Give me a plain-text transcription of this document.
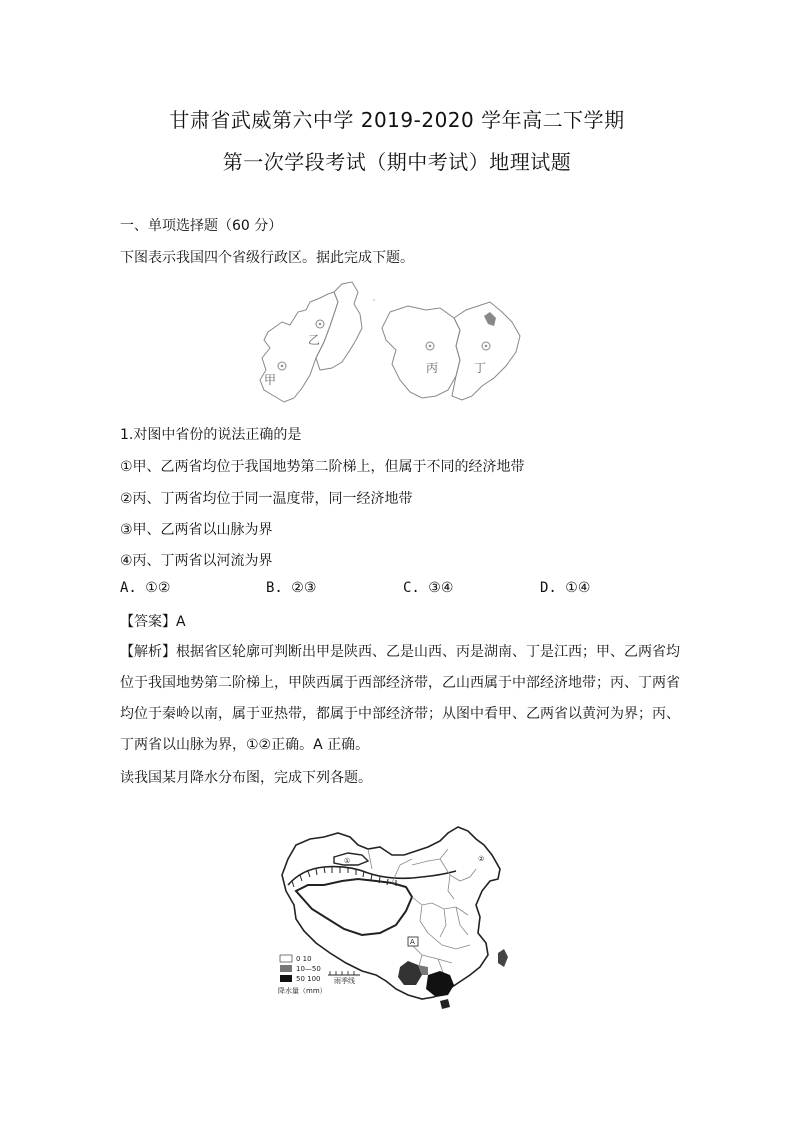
甘肃省武威第六中学 2019-2020 学年高二下学期
第一次学段考试（期中考试）地理试题
一、单项选择题（60 分）
下图表示我国四个省级行政区。据此完成下题。
乙
甲
丙	丁
1.对图中省份的说法正确的是
①甲、乙两省均位于我国地势第二阶梯上，但属于不同的经济地带
②丙、丁两省均位于同一温度带，同一经济地带
③甲、乙两省以山脉为界
④丙、丁两省以河流为界
A. ①②	B. ②③	C. ③④	D. ①④
【答案】A
【解析】根据省区轮廓可判断出甲是陕西、乙是山西、丙是湖南、丁是江西；甲、乙两省均位于我国地势第二阶梯上，甲陕西属于西部经济带，乙山西属于中部经济地带；丙、丁两省均位于秦岭以南，属于亚热带，都属于中部经济带；从图中看甲、乙两省以黄河为界；丙、丁两省以山脉为界，①②正确。A 正确。
读我国某月降水分布图，完成下列各题。
①	②
A
0 10
10—50
50 100 雨季线
降水量（mm）
